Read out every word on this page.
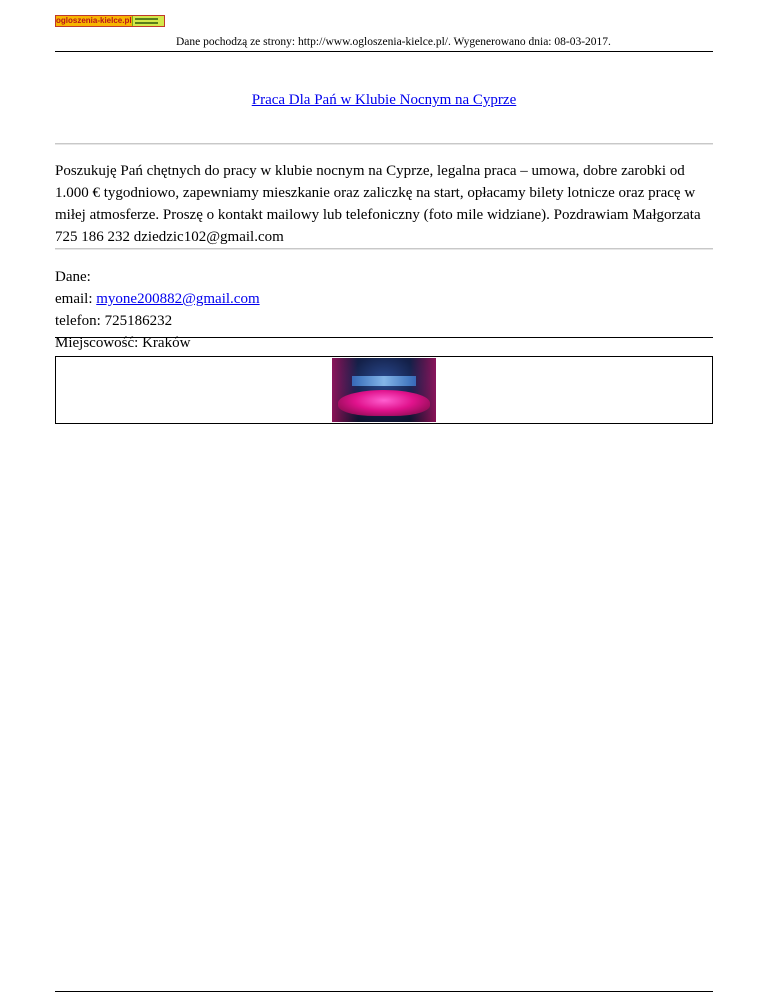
ogloszenia-kielce.pl
Dane pochodzą ze strony: http://www.ogloszenia-kielce.pl/. Wygenerowano dnia: 08-03-2017.
Praca Dla Pań w Klubie Nocnym na Cyprze
Poszukuję Pań chętnych do pracy w klubie nocnym na Cyprze, legalna praca – umowa, dobre zarobki od 1.000 € tygodniowo, zapewniamy mieszkanie oraz zaliczkę na start, opłacamy bilety lotnicze oraz pracę w miłej atmosferze. Proszę o kontakt mailowy lub telefoniczny (foto mile widziane). Pozdrawiam Małgorzata 725 186 232 dziedzic102@gmail.com
Dane:
email: myone200882@gmail.com
telefon: 725186232
Miejscowość: Kraków
